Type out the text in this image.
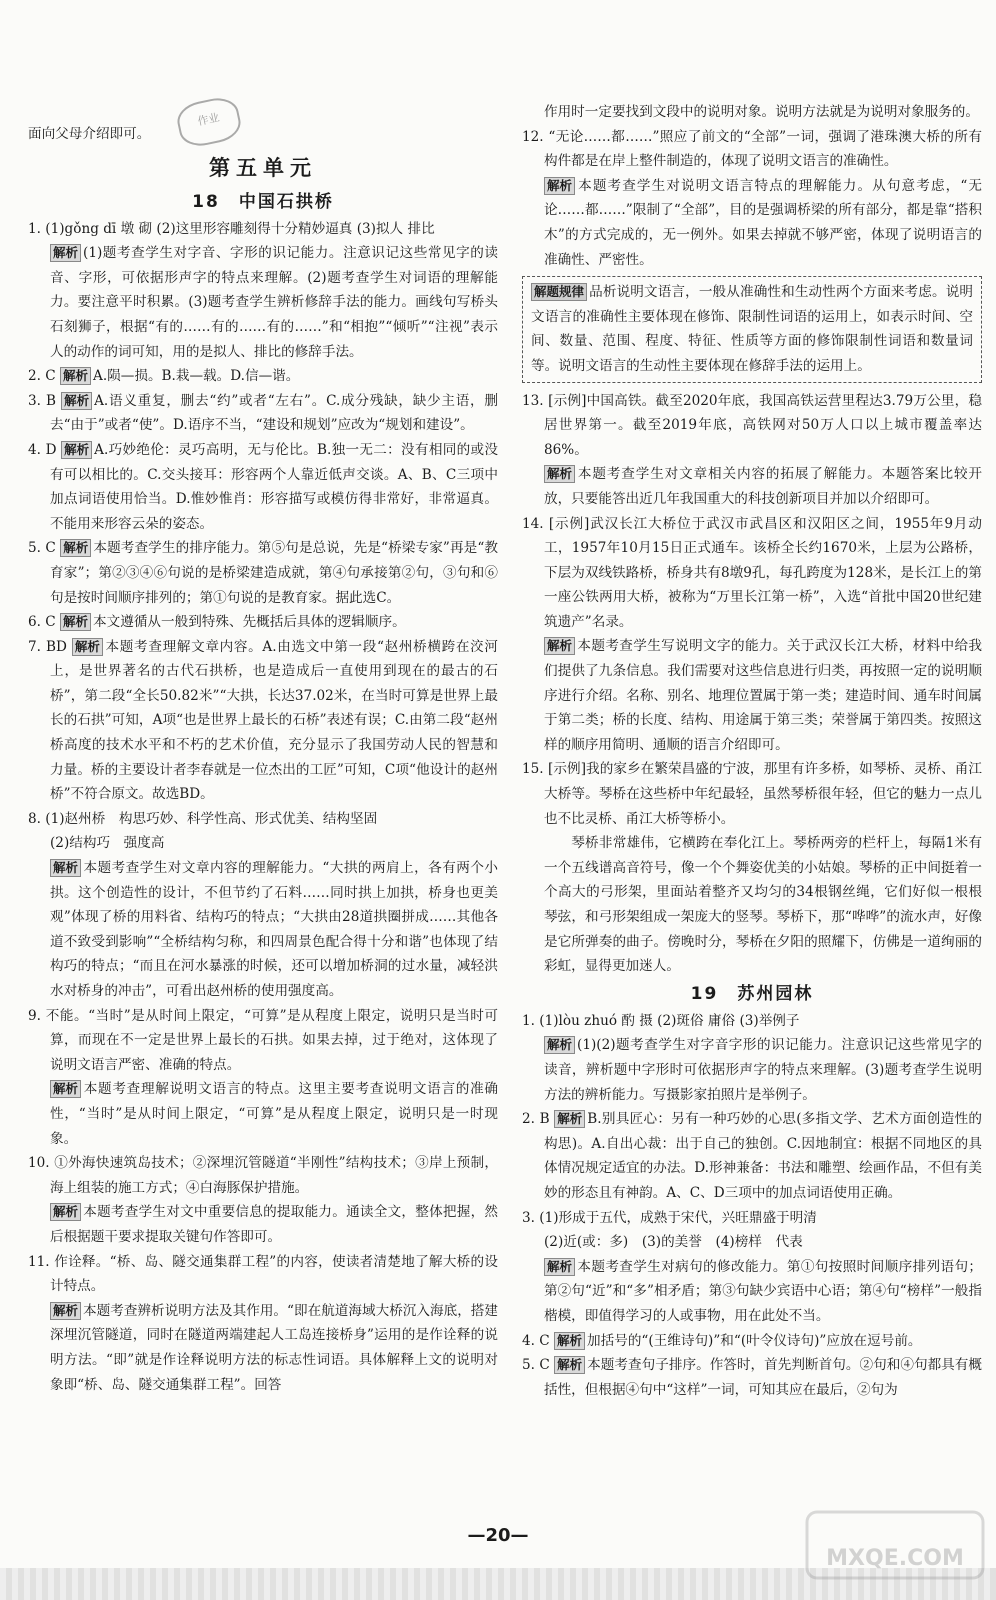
作业

面向父母介绍即可。

第五单元
18　中国石拱桥

1. (1)gǒng dī 墩 砌 (2)这里形容雕刻得十分精妙逼真 (3)拟人 排比

解析 (1)题考查学生对字音、字形的识记能力。注意识记这些常见字的读音、字形，可依据形声字的特点来理解。(2)题考查学生对词语的理解能力。要注意平时积累。(3)题考查学生辨析修辞手法的能力。画线句写桥头石刻狮子，根据“有的……有的……有的……”和“相抱”“倾听”“注视”表示人的动作的词可知，用的是拟人、排比的修辞手法。

2. C 解析 A.陨—损。B.栽—载。D.信—谐。

3. B 解析 A.语义重复，删去“约”或者“左右”。C.成分残缺，缺少主语，删去“由于”或者“使”。D.语序不当，“建设和规划”应改为“规划和建设”。

4. D 解析 A.巧妙绝伦：灵巧高明，无与伦比。B.独一无二：没有相同的或没有可以相比的。C.交头接耳：形容两个人靠近低声交谈。A、B、C三项中加点词语使用恰当。D.惟妙惟肖：形容描写或模仿得非常好，非常逼真。不能用来形容云朵的姿态。

5. C 解析 本题考查学生的排序能力。第⑤句是总说，先是“桥梁专家”再是“教育家”；第②③④⑥句说的是桥梁建造成就，第④句承接第②句，③句和⑥句是按时间顺序排列的；第①句说的是教育家。据此选C。

6. C 解析 本文遵循从一般到特殊、先概括后具体的逻辑顺序。

7. BD 解析 本题考查理解文章内容。A.由选文中第一段“赵州桥横跨在洨河上，是世界著名的古代石拱桥，也是造成后一直使用到现在的最古的石桥”，第二段“全长50.82米”“大拱，长达37.02米，在当时可算是世界上最长的石拱”可知，A项“也是世界上最长的石桥”表述有误；C.由第二段“赵州桥高度的技术水平和不朽的艺术价值，充分显示了我国劳动人民的智慧和力量。桥的主要设计者李春就是一位杰出的工匠”可知，C项“他设计的赵州桥”不符合原文。故选BD。

8. (1)赵州桥　构思巧妙、科学性高、形式优美、结构坚固

(2)结构巧　强度高

解析 本题考查学生对文章内容的理解能力。“大拱的两肩上，各有两个小拱。这个创造性的设计，不但节约了石料……同时拱上加拱，桥身也更美观”体现了桥的用料省、结构巧的特点；“大拱由28道拱圈拼成……其他各道不致受到影响”“全桥结构匀称，和四周景色配合得十分和谐”也体现了结构巧的特点；“而且在河水暴涨的时候，还可以增加桥洞的过水量，减轻洪水对桥身的冲击”，可看出赵州桥的使用强度高。

9. 不能。“当时”是从时间上限定，“可算”是从程度上限定，说明只是当时可算，而现在不一定是世界上最长的石拱。如果去掉，过于绝对，这体现了说明文语言严密、准确的特点。

解析 本题考查理解说明文语言的特点。这里主要考查说明文语言的准确性，“当时”是从时间上限定，“可算”是从程度上限定，说明只是一时现象。

10. ①外海快速筑岛技术；②深埋沉管隧道“半刚性”结构技术；③岸上预制，海上组装的施工方式；④白海豚保护措施。

解析 本题考查学生对文中重要信息的提取能力。通读全文，整体把握，然后根据题干要求提取关键句作答即可。

11. 作诠释。“桥、岛、隧交通集群工程”的内容，使读者清楚地了解大桥的设计特点。

解析 本题考查辨析说明方法及其作用。“即在航道海域大桥沉入海底，搭建深埋沉管隧道，同时在隧道两端建起人工岛连接桥身”运用的是作诠释的说明方法。“即”就是作诠释说明方法的标志性词语。具体解释上文的说明对象即“桥、岛、隧交通集群工程”。回答

作用时一定要找到文段中的说明对象。说明方法就是为说明对象服务的。

12. “无论……都……”照应了前文的“全部”一词，强调了港珠澳大桥的所有构件都是在岸上整件制造的，体现了说明文语言的准确性。

解析 本题考查学生对说明文语言特点的理解能力。从句意考虑，“无论……都……”限制了“全部”，目的是强调桥梁的所有部分，都是靠“搭积木”的方式完成的，无一例外。如果去掉就不够严密，体现了说明语言的准确性、严密性。

解题规律 品析说明文语言，一般从准确性和生动性两个方面来考虑。说明文语言的准确性主要体现在修饰、限制性词语的运用上，如表示时间、空间、数量、范围、程度、特征、性质等方面的修饰限制性词语和数量词等。说明文语言的生动性主要体现在修辞手法的运用上。

13. [示例]中国高铁。截至2020年底，我国高铁运营里程达3.79万公里，稳居世界第一。截至2019年底，高铁网对50万人口以上城市覆盖率达86%。

解析 本题考查学生对文章相关内容的拓展了解能力。本题答案比较开放，只要能答出近几年我国重大的科技创新项目并加以介绍即可。

14. [示例]武汉长江大桥位于武汉市武昌区和汉阳区之间，1955年9月动工，1957年10月15日正式通车。该桥全长约1670米，上层为公路桥，下层为双线铁路桥，桥身共有8墩9孔，每孔跨度为128米，是长江上的第一座公铁两用大桥，被称为“万里长江第一桥”，入选“首批中国20世纪建筑遗产”名录。

解析 本题考查学生写说明文字的能力。关于武汉长江大桥，材料中给我们提供了九条信息。我们需要对这些信息进行归类，再按照一定的说明顺序进行介绍。名称、别名、地理位置属于第一类；建造时间、通车时间属于第二类；桥的长度、结构、用途属于第三类；荣誉属于第四类。按照这样的顺序用简明、通顺的语言介绍即可。

15. [示例]我的家乡在繁荣昌盛的宁波，那里有许多桥，如琴桥、灵桥、甬江大桥等。琴桥在这些桥中年纪最轻，虽然琴桥很年轻，但它的魅力一点儿也不比灵桥、甬江大桥等桥小。

琴桥非常雄伟，它横跨在奉化江上。琴桥两旁的栏杆上，每隔1米有一个五线谱高音符号，像一个个舞姿优美的小姑娘。琴桥的正中间挺着一个高大的弓形架，里面站着整齐又均匀的34根钢丝绳，它们好似一根根琴弦，和弓形架组成一架庞大的竖琴。琴桥下，那“哗哗”的流水声，好像是它所弹奏的曲子。傍晚时分，琴桥在夕阳的照耀下，仿佛是一道绚丽的彩虹，显得更加迷人。

19　苏州园林

1. (1)lòu zhuó 酌 摄 (2)斑俗 庸俗 (3)举例子

解析 (1)(2)题考查学生对字音字形的识记能力。注意识记这些常见字的读音，辨析题中字形时可依据形声字的特点来理解。(3)题考查学生说明方法的辨析能力。写摄影家拍照片是举例子。

2. B 解析 B.别具匠心：另有一种巧妙的心思(多指文学、艺术方面创造性的构思)。A.自出心裁：出于自己的独创。C.因地制宜：根据不同地区的具体情况规定适宜的办法。D.形神兼备：书法和雕塑、绘画作品，不但有美妙的形态且有神韵。A、C、D三项中的加点词语使用正确。

3. (1)形成于五代，成熟于宋代，兴旺鼎盛于明清

(2)近(或：多)　(3)的美誉　(4)榜样　代表

解析 本题考查学生对病句的修改能力。第①句按照时间顺序排列语句；第②句“近”和“多”相矛盾；第③句缺少宾语中心语；第④句“榜样”一般指楷模，即值得学习的人或事物，用在此处不当。

4. C 解析 加括号的“(王维诗句)”和“(叶令仪诗句)”应放在逗号前。

5. C 解析 本题考查句子排序。作答时，首先判断首句。②句和④句都具有概括性，但根据④句中“这样”一词，可知其应在最后，②句为

—20—
MXQE.COM
